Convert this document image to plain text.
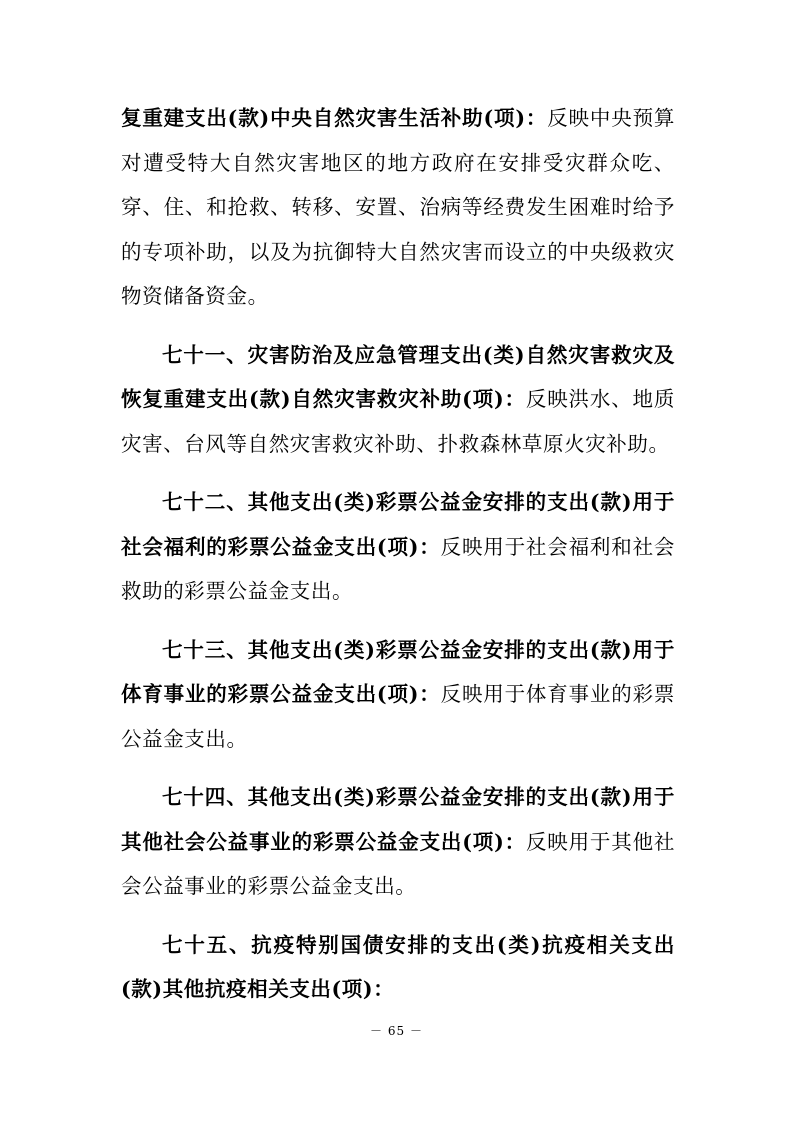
复重建支出(款)中央自然灾害生活补助(项)：反映中央预算对遭受特大自然灾害地区的地方政府在安排受灾群众吃、穿、住、和抢救、转移、安置、治病等经费发生困难时给予的专项补助，以及为抗御特大自然灾害而设立的中央级救灾物资储备资金。

七十一、灾害防治及应急管理支出(类)自然灾害救灾及恢复重建支出(款)自然灾害救灾补助(项)：反映洪水、地质灾害、台风等自然灾害救灾补助、扑救森林草原火灾补助。

七十二、其他支出(类)彩票公益金安排的支出(款)用于社会福利的彩票公益金支出(项)：反映用于社会福利和社会救助的彩票公益金支出。

七十三、其他支出(类)彩票公益金安排的支出(款)用于体育事业的彩票公益金支出(项)：反映用于体育事业的彩票公益金支出。

七十四、其他支出(类)彩票公益金安排的支出(款)用于其他社会公益事业的彩票公益金支出(项)：反映用于其他社会公益事业的彩票公益金支出。

七十五、抗疫特别国债安排的支出(类)抗疫相关支出(款)其他抗疫相关支出(项)：

－ 65 －
